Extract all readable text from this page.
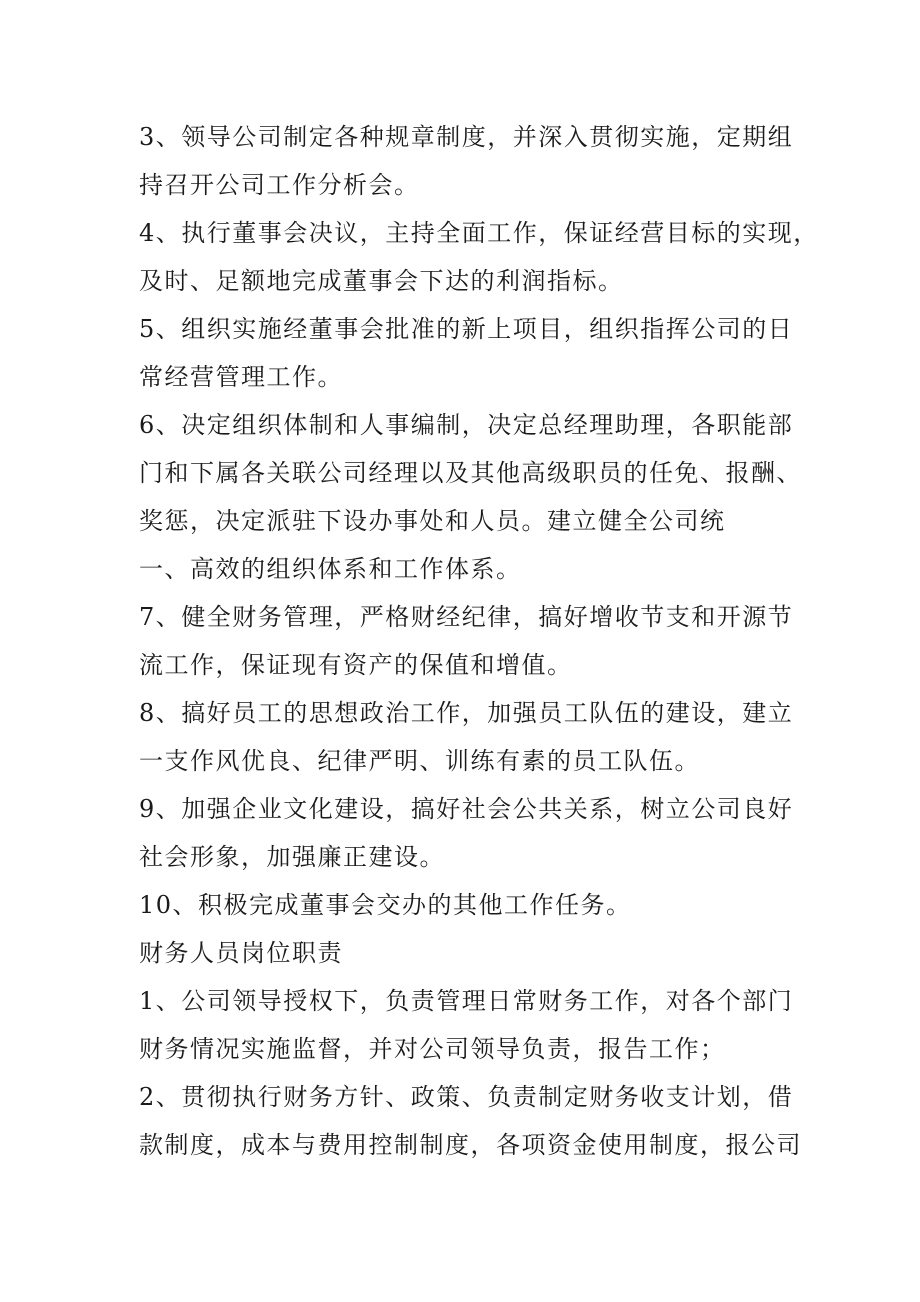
3、领导公司制定各种规章制度，并深入贯彻实施，定期组
持召开公司工作分析会。
4、执行董事会决议，主持全面工作，保证经营目标的实现，
及时、足额地完成董事会下达的利润指标。
5、组织实施经董事会批准的新上项目，组织指挥公司的日
常经营管理工作。
6、决定组织体制和人事编制，决定总经理助理，各职能部
门和下属各关联公司经理以及其他高级职员的任免、报酬、
奖惩，决定派驻下设办事处和人员。建立健全公司统
一、高效的组织体系和工作体系。
7、健全财务管理，严格财经纪律，搞好增收节支和开源节
流工作，保证现有资产的保值和增值。
8、搞好员工的思想政治工作，加强员工队伍的建设，建立
一支作风优良、纪律严明、训练有素的员工队伍。
9、加强企业文化建设，搞好社会公共关系，树立公司良好
社会形象，加强廉正建设。
10、积极完成董事会交办的其他工作任务。
财务人员岗位职责
1、公司领导授权下，负责管理日常财务工作，对各个部门
财务情况实施监督，并对公司领导负责，报告工作；
2、贯彻执行财务方针、政策、负责制定财务收支计划，借
款制度，成本与费用控制制度，各项资金使用制度，报公司
